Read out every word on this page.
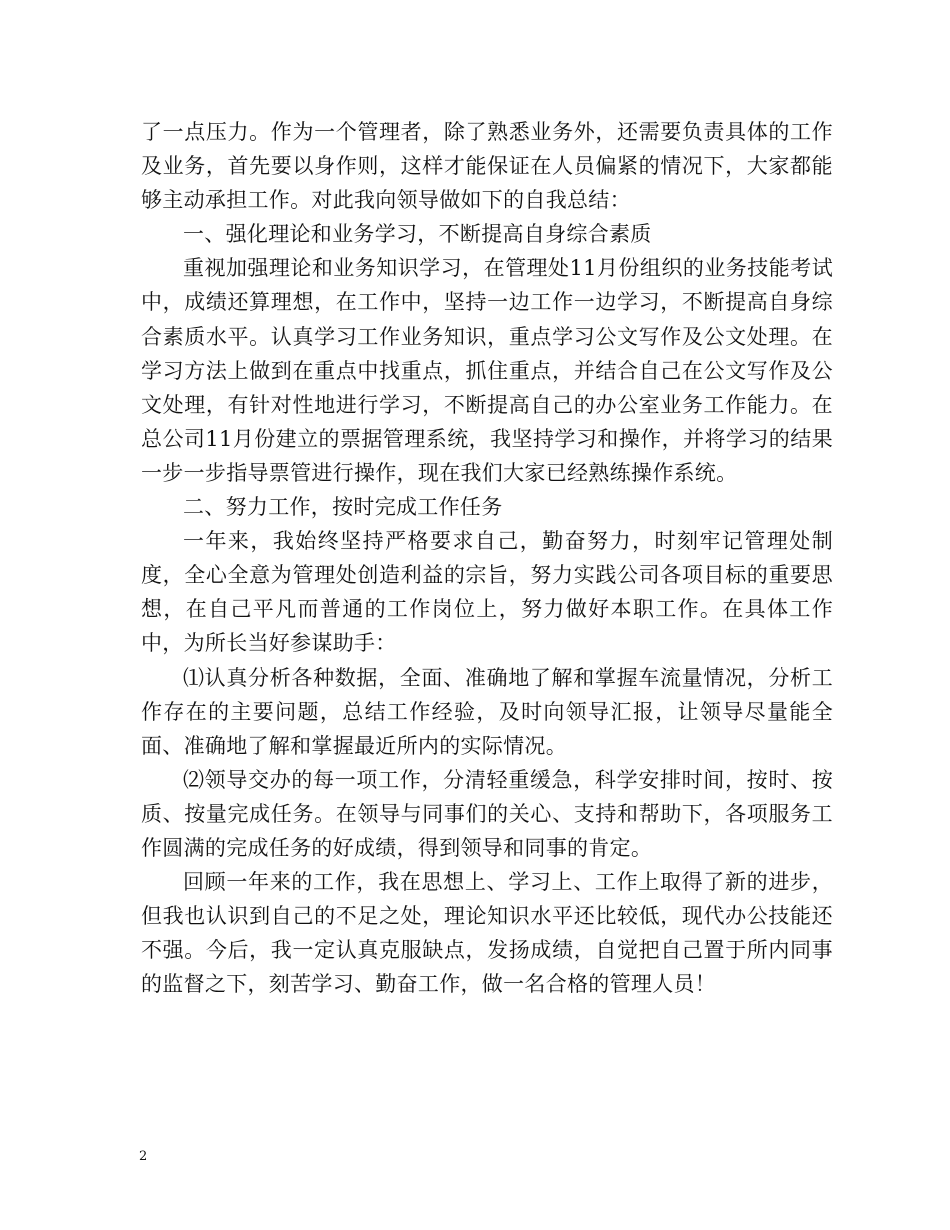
了一点压力。作为一个管理者，除了熟悉业务外，还需要负责具体的工作及业务，首先要以身作则，这样才能保证在人员偏紧的情况下，大家都能够主动承担工作。对此我向领导做如下的自我总结：

一、强化理论和业务学习，不断提高自身综合素质

重视加强理论和业务知识学习，在管理处11月份组织的业务技能考试中，成绩还算理想，在工作中，坚持一边工作一边学习，不断提高自身综合素质水平。认真学习工作业务知识，重点学习公文写作及公文处理。在学习方法上做到在重点中找重点，抓住重点，并结合自己在公文写作及公文处理，有针对性地进行学习，不断提高自己的办公室业务工作能力。在总公司11月份建立的票据管理系统，我坚持学习和操作，并将学习的结果一步一步指导票管进行操作，现在我们大家已经熟练操作系统。

二、努力工作，按时完成工作任务

一年来，我始终坚持严格要求自己，勤奋努力，时刻牢记管理处制度，全心全意为管理处创造利益的宗旨，努力实践公司各项目标的重要思想，在自己平凡而普通的工作岗位上，努力做好本职工作。在具体工作中，为所长当好参谋助手：

⑴认真分析各种数据，全面、准确地了解和掌握车流量情况，分析工作存在的主要问题，总结工作经验，及时向领导汇报，让领导尽量能全面、准确地了解和掌握最近所内的实际情况。

⑵领导交办的每一项工作，分清轻重缓急，科学安排时间，按时、按质、按量完成任务。在领导与同事们的关心、支持和帮助下，各项服务工作圆满的完成任务的好成绩，得到领导和同事的肯定。

回顾一年来的工作，我在思想上、学习上、工作上取得了新的进步，但我也认识到自己的不足之处，理论知识水平还比较低，现代办公技能还不强。今后，我一定认真克服缺点，发扬成绩，自觉把自己置于所内同事的监督之下，刻苦学习、勤奋工作，做一名合格的管理人员！

2
